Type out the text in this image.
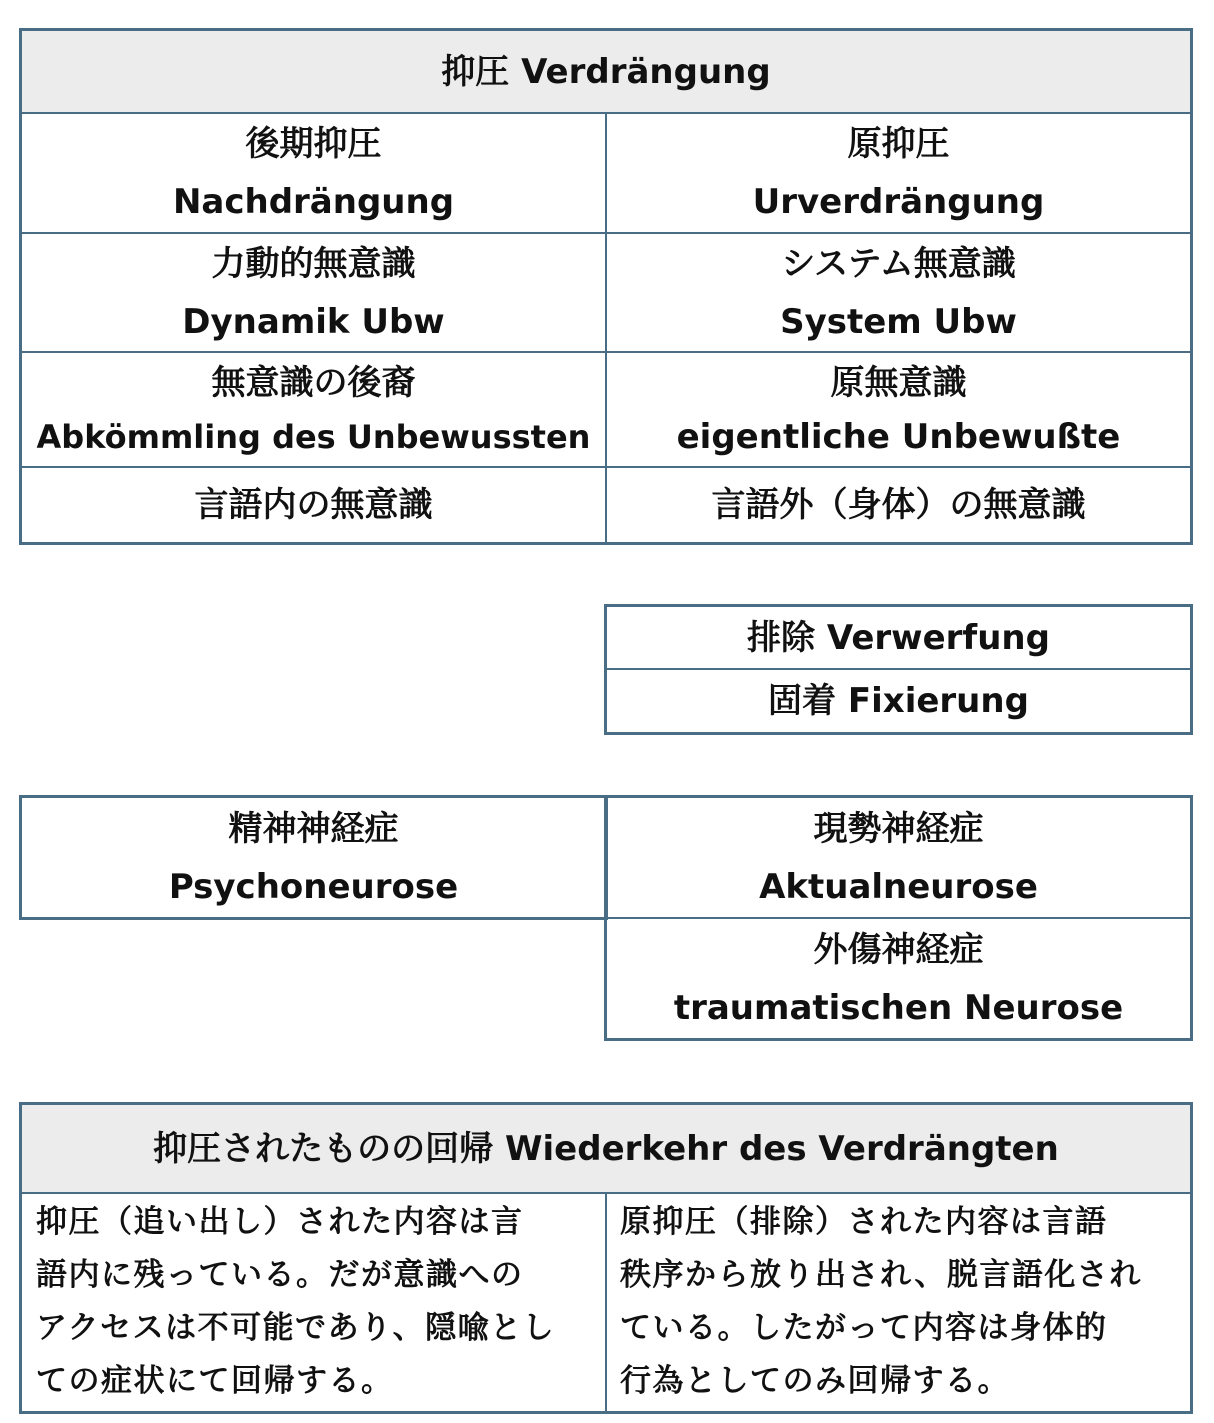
抑圧 Verdrängung
後期抑圧
Nachdrängung
原抑圧
Urverdrängung
力動的無意識
Dynamik Ubw
システム無意識
System Ubw
無意識の後裔
Abkömmling des Unbewussten
原無意識
eigentliche Unbewußte
言語内の無意識	言語外（身体）の無意識
排除 Verwerfung
固着 Fixierung
精神神経症
Psychoneurose
現勢神経症
Aktualneurose
外傷神経症
traumatischen Neurose
抑圧されたものの回帰 Wiederkehr des Verdrängten
抑圧（追い出し）された内容は言
語内に残っている。だが意識への
アクセスは不可能であり、隠喩とし
ての症状にて回帰する。
原抑圧（排除）された内容は言語
秩序から放り出され、脱言語化され
ている。したがって内容は身体的
行為としてのみ回帰する。
